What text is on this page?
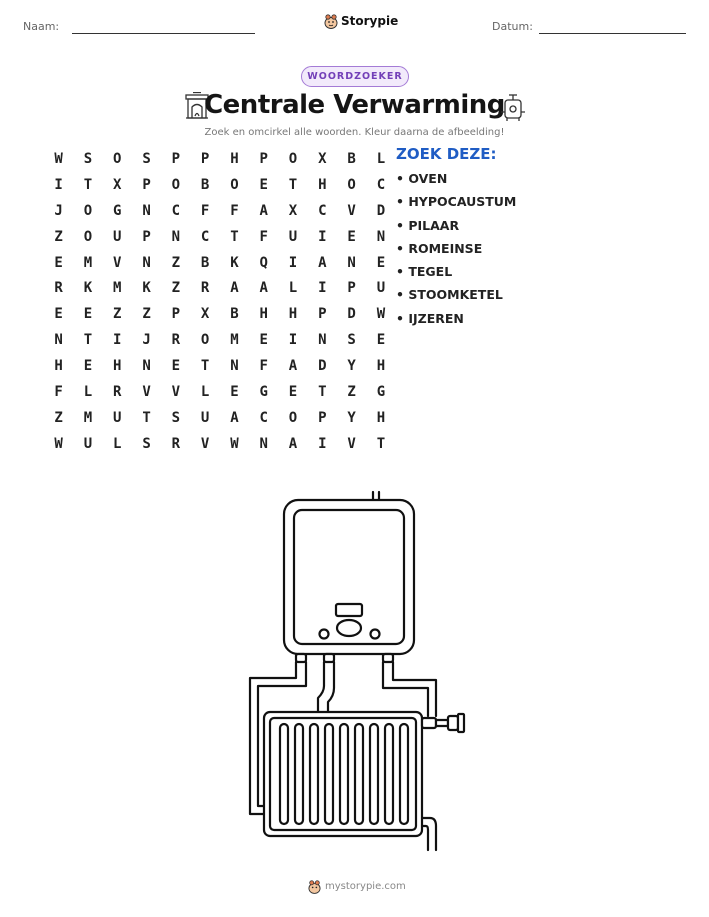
Naam:	Storypie	Datum:
WOORDZOEKER
Centrale Verwarming
Zoek en omcirkel alle woorden. Kleur daarna de afbeelding!
W	S	O	S	P	P	H	P	O	X	B	L
I	T	X	P	O	B	O	E	T	H	O	C
J	O	G	N	C	F	F	A	X	C	V	D
Z	O	U	P	N	C	T	F	U	I	E	N
E	M	V	N	Z	B	K	Q	I	A	N	E
R	K	M	K	Z	R	A	A	L	I	P	U
E	E	Z	Z	P	X	B	H	H	P	D	W
N	T	I	J	R	O	M	E	I	N	S	E
H	E	H	N	E	T	N	F	A	D	Y	H
F	L	R	V	V	L	E	G	E	T	Z	G
Z	M	U	T	S	U	A	C	O	P	Y	H
W	U	L	S	R	V	W	N	A	I	V	T
ZOEK DEZE:
• OVEN
• HYPOCAUSTUM
• PILAAR
• ROMEINSE
• TEGEL
• STOOMKETEL
• IJZEREN
mystorypie.com
